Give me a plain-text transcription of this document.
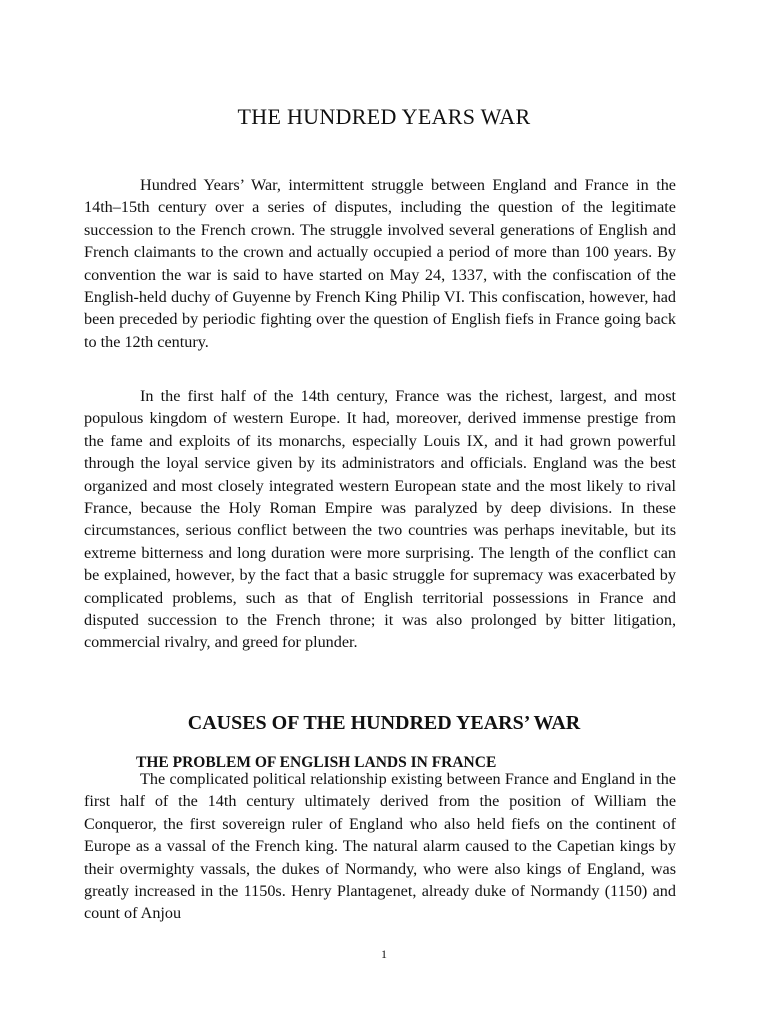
THE HUNDRED YEARS WAR

Hundred Years’ War, intermittent struggle between England and France in the 14th–15th century over a series of disputes, including the question of the legitimate succession to the French crown. The struggle involved several generations of English and French claimants to the crown and actually occupied a period of more than 100 years. By convention the war is said to have started on May 24, 1337, with the confiscation of the English-held duchy of Guyenne by French King Philip VI. This confiscation, however, had been preceded by periodic fighting over the question of English fiefs in France going back to the 12th century.

In the first half of the 14th century, France was the richest, largest, and most populous kingdom of western Europe. It had, moreover, derived immense prestige from the fame and exploits of its monarchs, especially Louis IX, and it had grown powerful through the loyal service given by its administrators and officials. England was the best organized and most closely integrated western European state and the most likely to rival France, because the Holy Roman Empire was paralyzed by deep divisions. In these circumstances, serious conflict between the two countries was perhaps inevitable, but its extreme bitterness and long duration were more surprising. The length of the conflict can be explained, however, by the fact that a basic struggle for supremacy was exacerbated by complicated problems, such as that of English territorial possessions in France and disputed succession to the French throne; it was also prolonged by bitter litigation, commercial rivalry, and greed for plunder.

CAUSES OF THE HUNDRED YEARS’ WAR
THE PROBLEM OF ENGLISH LANDS IN FRANCE

The complicated political relationship existing between France and England in the first half of the 14th century ultimately derived from the position of William the Conqueror, the first sovereign ruler of England who also held fiefs on the continent of Europe as a vassal of the French king. The natural alarm caused to the Capetian kings by their overmighty vassals, the dukes of Normandy, who were also kings of England, was greatly increased in the 1150s. Henry Plantagenet, already duke of Normandy (1150) and count of Anjou

1
